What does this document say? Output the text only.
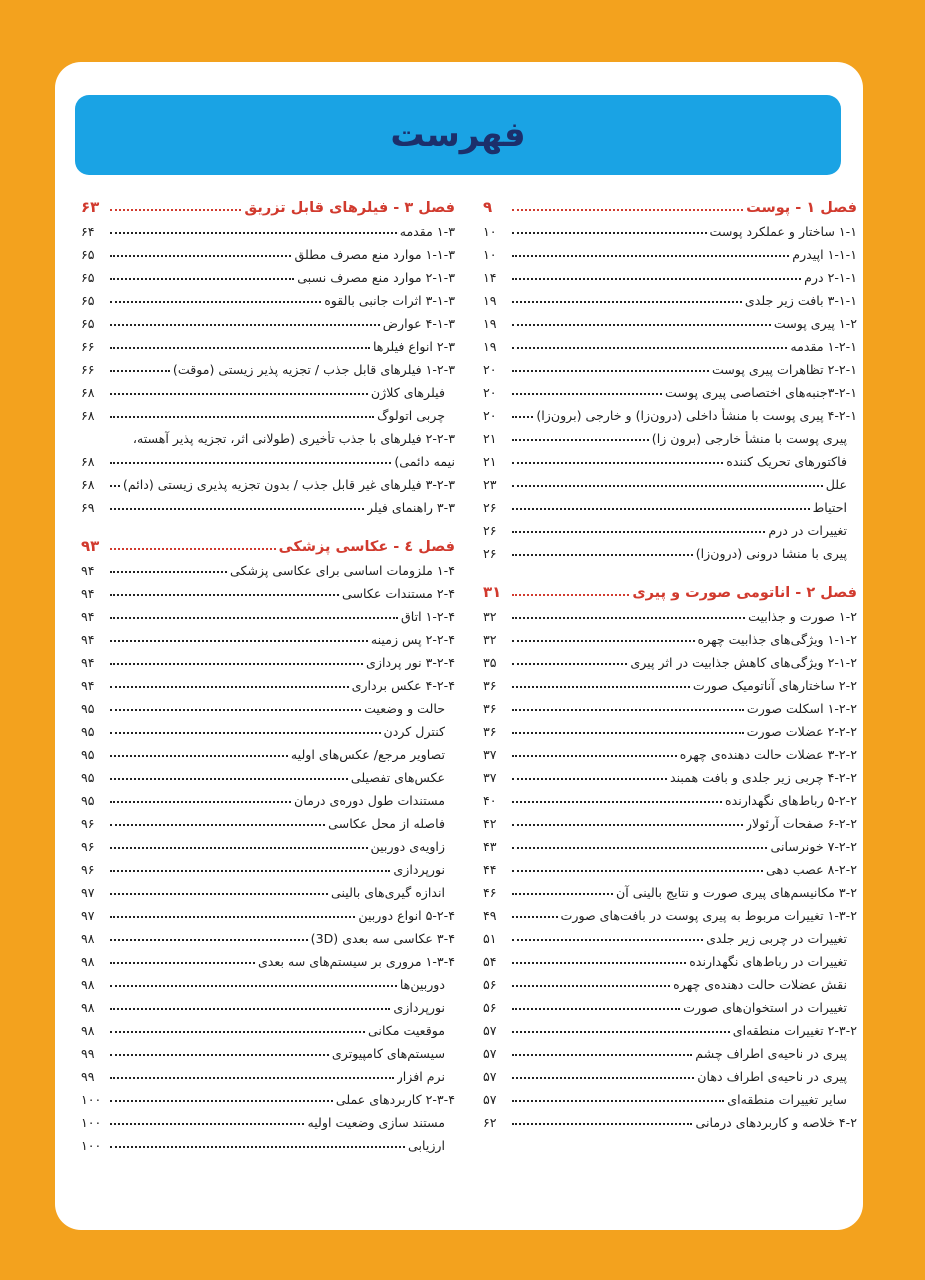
فهرست
فصل ۱ - پوست
۹
۱-۱ ساختار و عملکرد پوست
۱۰
۱-۱-۱ اپیدرم
۱۰
۲-۱-۱ درم
۱۴
۳-۱-۱ بافت زیر جلدی
۱۹
۱-۲ پیری پوست
۱۹
۱-۲-۱ مقدمه
۱۹
۲-۲-۱ تظاهرات پیری پوست
۲۰
۳-۲-۱جنبه‌های اختصاصی پیری پوست
۲۰
۴-۲-۱ پیری پوست با منشأ داخلی (درون‌زا) و خارجی (برون‌زا)
۲۰
پیری پوست با منشأ خارجی (برون زا)
۲۱
فاکتورهای تحریک کننده
۲۱
علل
۲۳
احتیاط
۲۶
تغییرات در درم
۲۶
پیری با منشا درونی (درون‌زا)
۲۶
فصل ۲ - آناتومی صورت و پیری
۳۱
۱-۲ صورت و جذابیت
۳۲
۱-۱-۲ ویژگی‌های جذابیت چهره
۳۲
۲-۱-۲ ویژگی‌های کاهش جذابیت در اثر پیری
۳۵
۲-۲ ساختارهای آناتومیک صورت
۳۶
۱-۲-۲ اسکلت صورت
۳۶
۲-۲-۲ عضلات صورت
۳۶
۳-۲-۲ عضلات حالت دهنده‌ی چهره
۳۷
۴-۲-۲ چربی زیر جلدی و بافت همبند
۳۷
۵-۲-۲ رباط‌های نگهدارنده
۴۰
۶-۲-۲ صفحات آرئولار
۴۲
۷-۲-۲ خونرسانی
۴۳
۸-۲-۲ عصب دهی
۴۴
۳-۲ مکانیسم‌های پیری صورت و نتایج بالینی آن
۴۶
۱-۳-۲ تغییرات مربوط به پیری پوست در بافت‌های صورت
۴۹
تغییرات در چربی زیر جلدی
۵۱
تغییرات در رباط‌های نگهدارنده
۵۴
نقش عضلات حالت دهنده‌ی چهره
۵۶
تغییرات در استخوان‌های صورت
۵۶
۲-۳-۲ تغییرات منطقه‌ای
۵۷
پیری در ناحیه‌ی اطراف چشم
۵۷
پیری در ناحیه‌ی اطراف دهان
۵۷
سایر تغییرات منطقه‌ای
۵۷
۴-۲ خلاصه و کاربردهای درمانی
۶۲
فصل ۳ - فیلرهای قابل تزریق
۶۳
۱-۳ مقدمه
۶۴
۱-۱-۳ موارد منع مصرف مطلق
۶۵
۲-۱-۳ موارد منع مصرف نسبی
۶۵
۳-۱-۳ اثرات جانبی بالقوه
۶۵
۴-۱-۳ عوارض
۶۵
۲-۳ انواع فیلرها
۶۶
۱-۲-۳ فیلرهای قابل جذب / تجزیه پذیر زیستی (موقت)
۶۶
فیلرهای کلاژن
۶۸
چربی اتولوگ
۶۸
۲-۲-۳ فیلرهای با جذب تأخیری (طولانی اثر، تجزیه پذیر آهسته،
نیمه دائمی)
۶۸
۳-۲-۳ فیلرهای غیر قابل جذب / بدون تجزیه پذیری زیستی (دائم)
۶۸
۳-۳ راهنمای فیلر
۶۹
فصل ٤ - عکاسی پزشکی
۹۳
۱-۴ ملزومات اساسی برای عکاسی پزشکی
۹۴
۲-۴ مستندات عکاسی
۹۴
۱-۲-۴ اتاق
۹۴
۲-۲-۴ پس زمینه
۹۴
۳-۲-۴ نور پردازی
۹۴
۴-۲-۴ عکس برداری
۹۴
حالت و وضعیت
۹۵
کنترل کردن
۹۵
تصاویر مرجع/ عکس‌های اولیه
۹۵
عکس‌های تفصیلی
۹۵
مستندات طول دوره‌ی درمان
۹۵
فاصله از محل عکاسی
۹۶
زاویه‌ی دوربین
۹۶
نورپردازی
۹۶
اندازه گیری‌های بالینی
۹۷
۵-۲-۴ انواع دوربین
۹۷
۳-۴ عکاسی سه بعدی (3D)
۹۸
۱-۳-۴ مروری بر سیستم‌های سه بعدی
۹۸
دوربین‌ها
۹۸
نورپردازی
۹۸
موقعیت مکانی
۹۸
سیستم‌های کامپیوتری
۹۹
نرم افزار
۹۹
۲-۳-۴ کاربردهای عملی
۱۰۰
مستند سازی وضعیت اولیه
۱۰۰
ارزیابی
۱۰۰
